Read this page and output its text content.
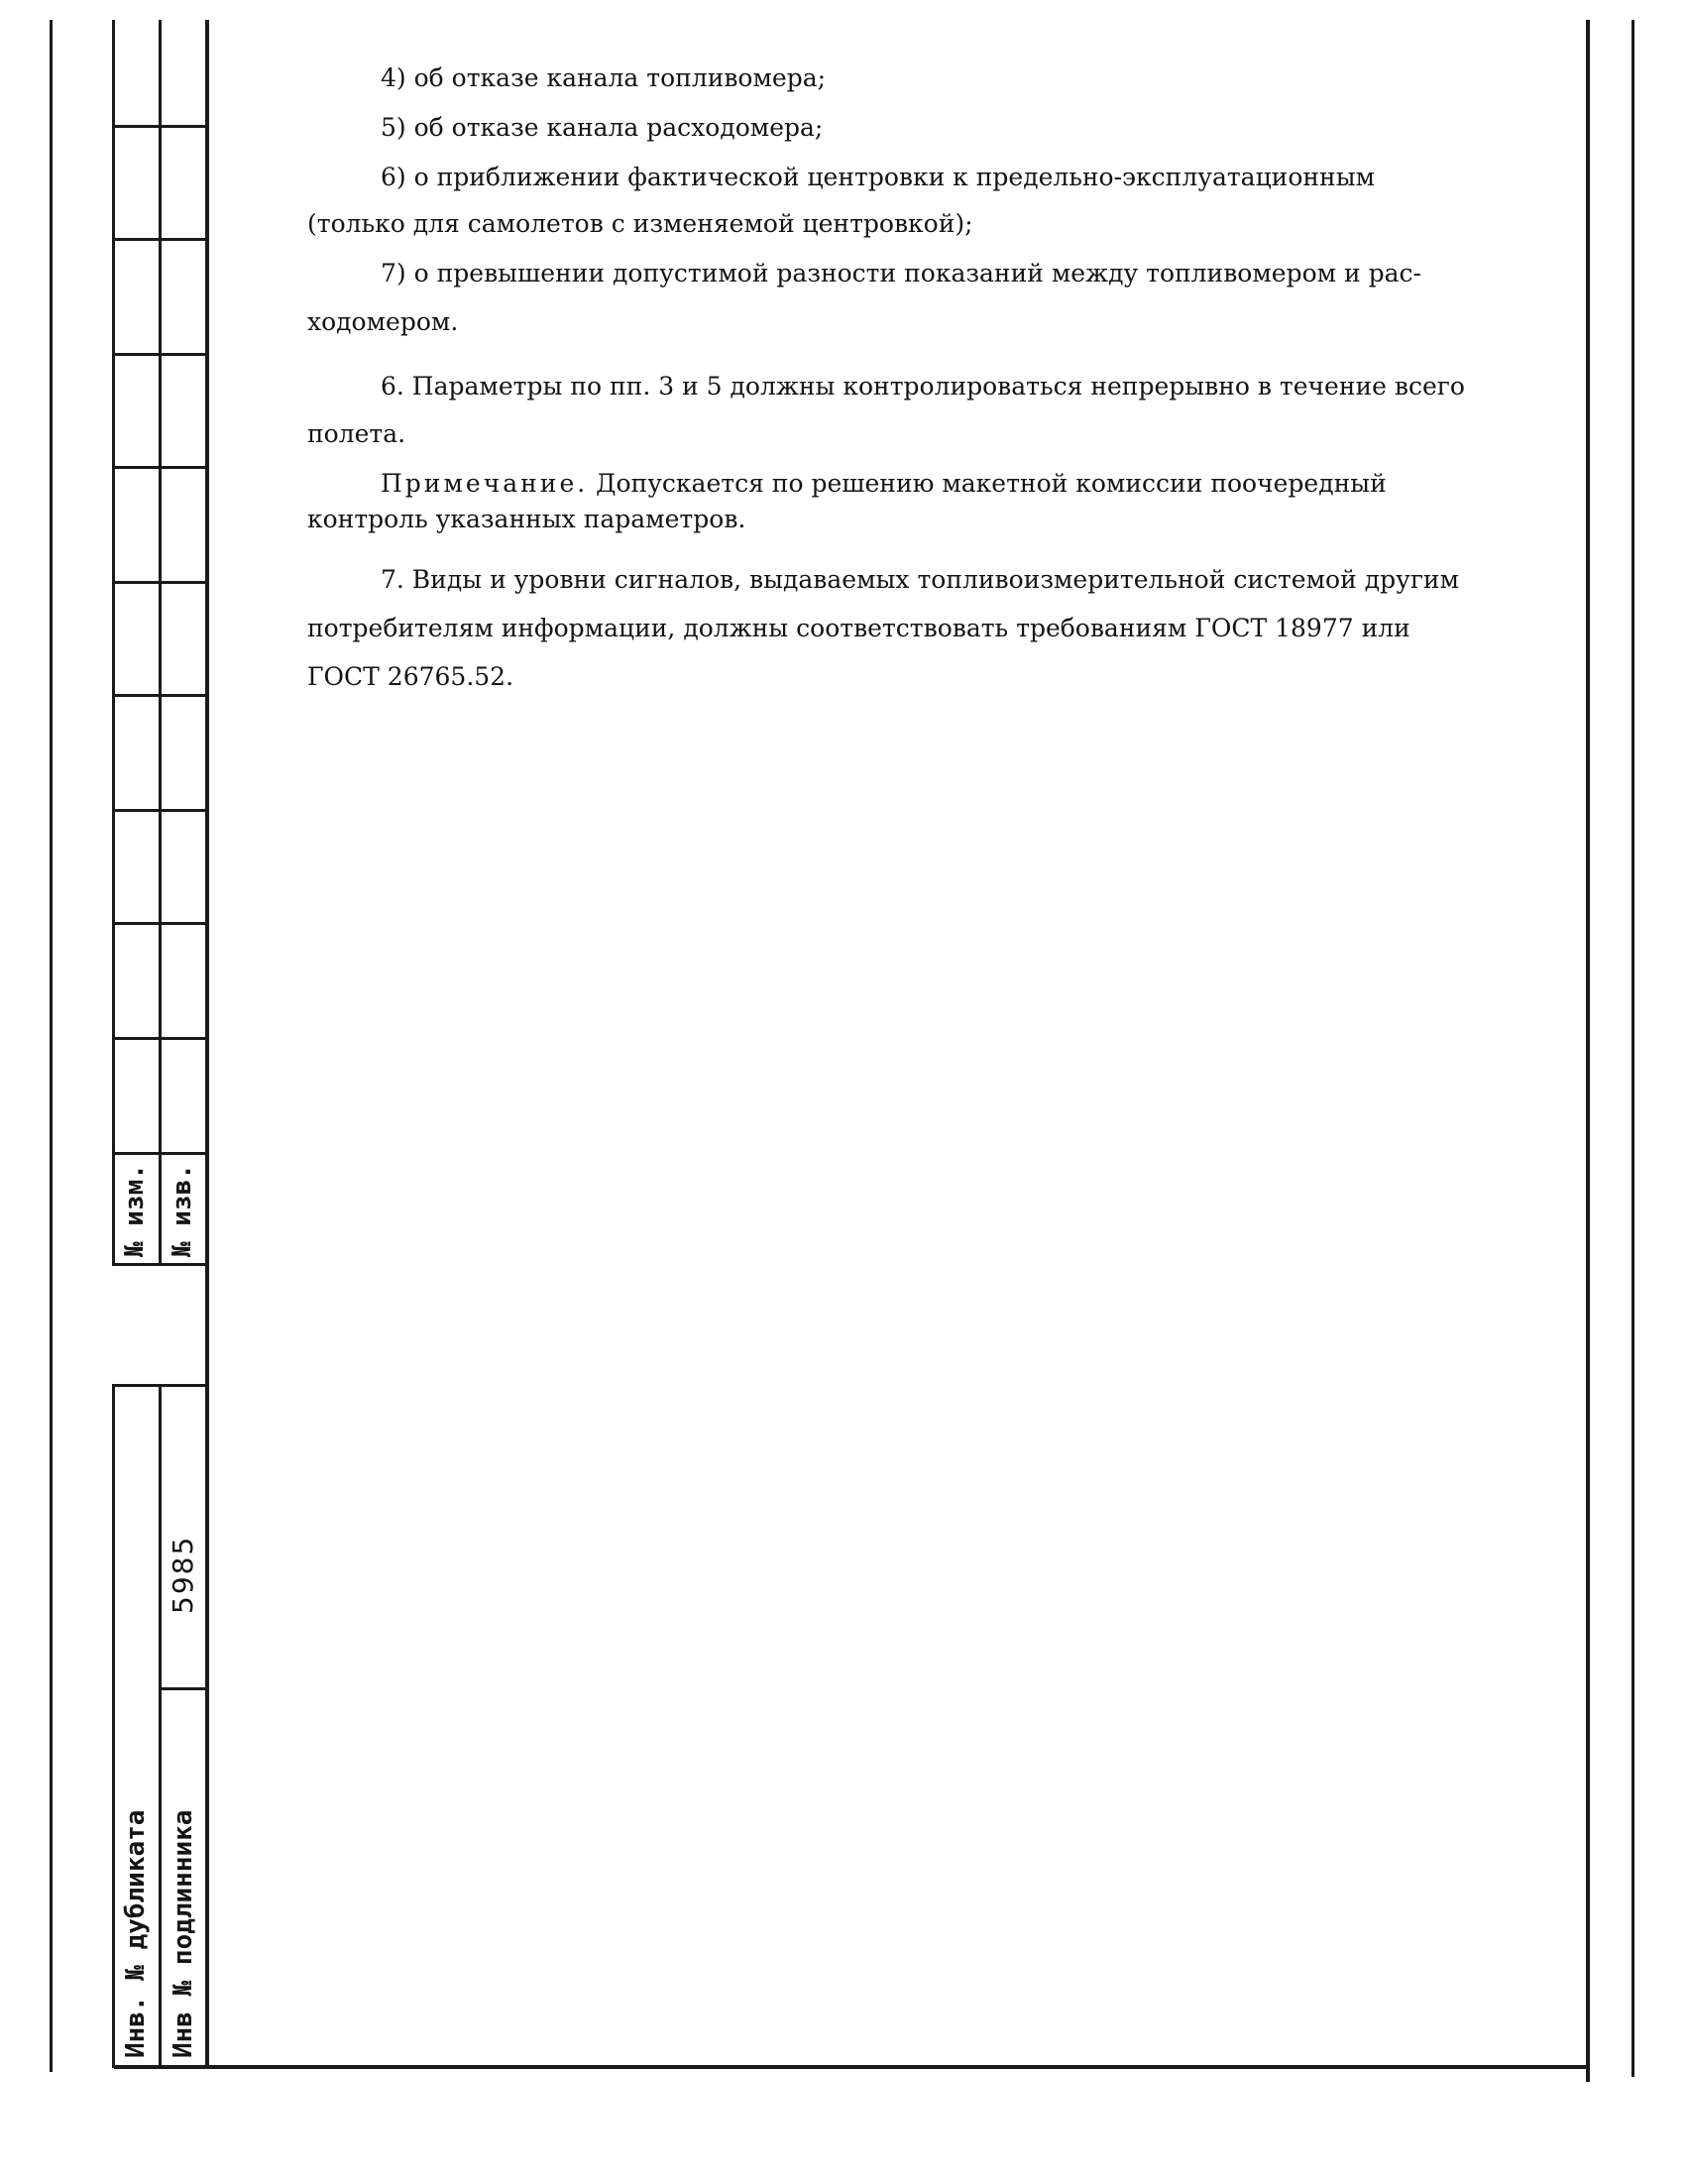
№ изм. № изв.
Инв. № дубликата Инв № подлинника
5985

4) об отказе канала топливомера;

5) об отказе канала расходомера;

6) о приближении фактической центровки к предельно-эксплуатационным

(только для самолетов с изменяемой центровкой);

7) о превышении допустимой разности показаний между топливомером и рас-

ходомером.

6. Параметры по пп. 3 и 5 должны контролироваться непрерывно в течение всего полета.

Примечание. Допускается по решению макетной комиссии поочередный контроль указанных параметров.

7. Виды и уровни сигналов, выдаваемых топливоизмерительной системой другим потребителям информации, должны соответствовать требованиям ГОСТ 18977 или ГОСТ 26765.52.
